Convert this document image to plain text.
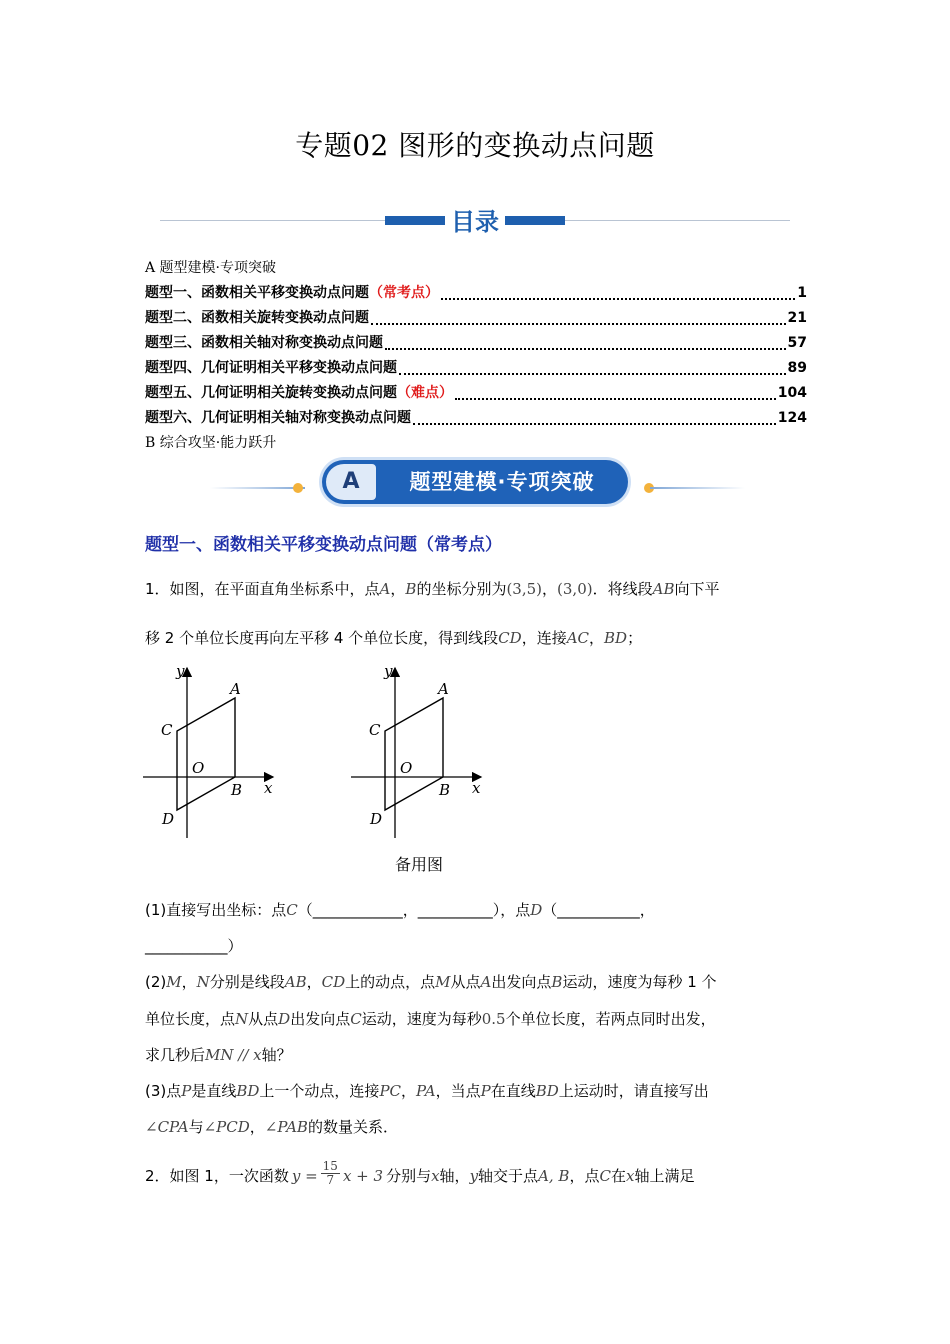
专题02 图形的变换动点问题
目录
A 题型建模·专项突破
题型一、函数相关平移变换动点问题 （常考点）	1
题型二、函数相关旋转变换动点问题	21
题型三、函数相关轴对称变换动点问题	57
题型四、几何证明相关平移变换动点问题	89
题型五、几何证明相关旋转变换动点问题 （难点）	104
题型六、几何证明相关轴对称变换动点问题	124
B 综合攻坚·能力跃升
A	题型建模·专项突破
题型一、函数相关平移变换动点问题（常考点）
1．如图，在平面直角坐标系中，点A，B的坐标分别为(3,5)，(3,0)．将线段AB向下平
移 2 个单位长度再向左平移 4 个单位长度，得到线段CD，连接AC，BD；
y
x
A
B
C
D
O
y
x
A
B
C
D
O
备用图
(1)直接写出坐标：点C（____________，__________），点D（___________，
___________）
(2)M，N分别是线段AB，CD上的动点，点M从点A出发向点B运动，速度为每秒 1 个
单位长度，点N从点D出发向点C运动，速度为每秒0.5个单位长度，若两点同时出发，
求几秒后MN // x轴？
(3)点P是直线BD上一个动点，连接PC，PA，当点P在直线BD上运动时，请直接写出
∠CPA与∠PCD，∠PAB的数量关系．
2．如图 1，一次函数 $y = \frac{15}{7}$ x + 3 分别与 x 轴， y 轴交于点 A, B ，点 C 在 x 轴上满足
